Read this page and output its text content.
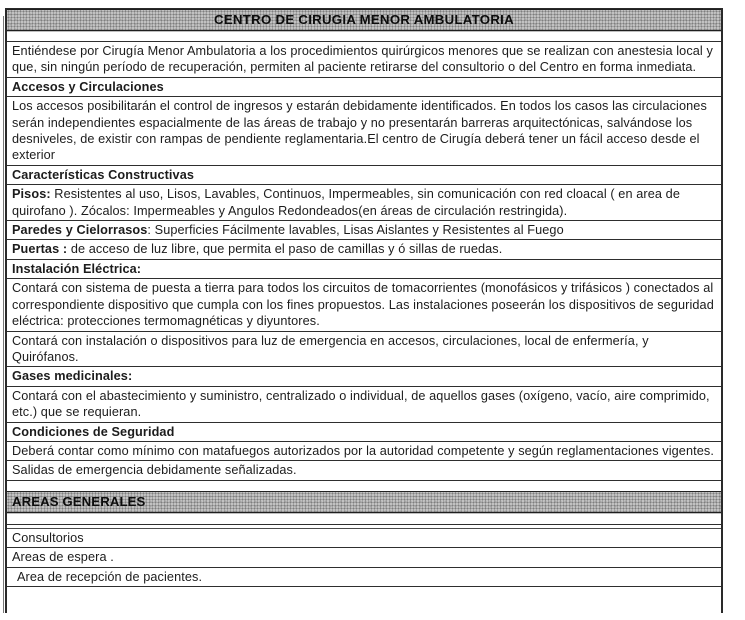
CENTRO DE CIRUGIA MENOR AMBULATORIA
Entiéndese por Cirugía Menor Ambulatoria a los procedimientos quirúrgicos menores que se realizan con anestesia local y que, sin ningún período de recuperación, permiten al paciente retirarse del consultorio o del Centro en forma inmediata.
Accesos y Circulaciones
Los accesos posibilitarán el control de ingresos y estarán debidamente identificados. En todos los casos las circulaciones serán independientes espacialmente de las áreas de trabajo y no presentarán barreras arquitectónicas, salvándose los desniveles, de existir con rampas de pendiente reglamentaria.El centro de Cirugía deberá tener un fácil acceso desde el exterior
Características Constructivas
Pisos: Resistentes al uso, Lisos, Lavables, Continuos, Impermeables, sin comunicación con red cloacal ( en area de quirofano ). Zócalos: Impermeables y Angulos Redondeados(en áreas de circulación restringida).
Paredes y Cielorrasos: Superficies Fácilmente lavables, Lisas Aislantes y Resistentes al Fuego
Puertas : de acceso de luz libre, que permita el paso de camillas y ó sillas de ruedas.
Instalación Eléctrica:
Contará con sistema de puesta a tierra para todos los circuitos de tomacorrientes (monofásicos y trifásicos ) conectados al correspondiente dispositivo que cumpla con los fines propuestos. Las instalaciones poseerán los dispositivos de seguridad eléctrica: protecciones termomagnéticas y diyuntores.
Contará con instalación o dispositivos para luz de emergencia en accesos, circulaciones, local de enfermería, y Quirófanos.
Gases medicinales:
Contará con el abastecimiento y suministro, centralizado o individual, de aquellos gases (oxígeno, vacío, aire comprimido, etc.) que se requieran.
Condiciones de Seguridad
Deberá contar como mínimo con matafuegos autorizados por la autoridad competente y según reglamentaciones vigentes.
Salidas de emergencia debidamente señalizadas.
AREAS GENERALES
Consultorios
Areas de espera .
Area de recepción de pacientes.
